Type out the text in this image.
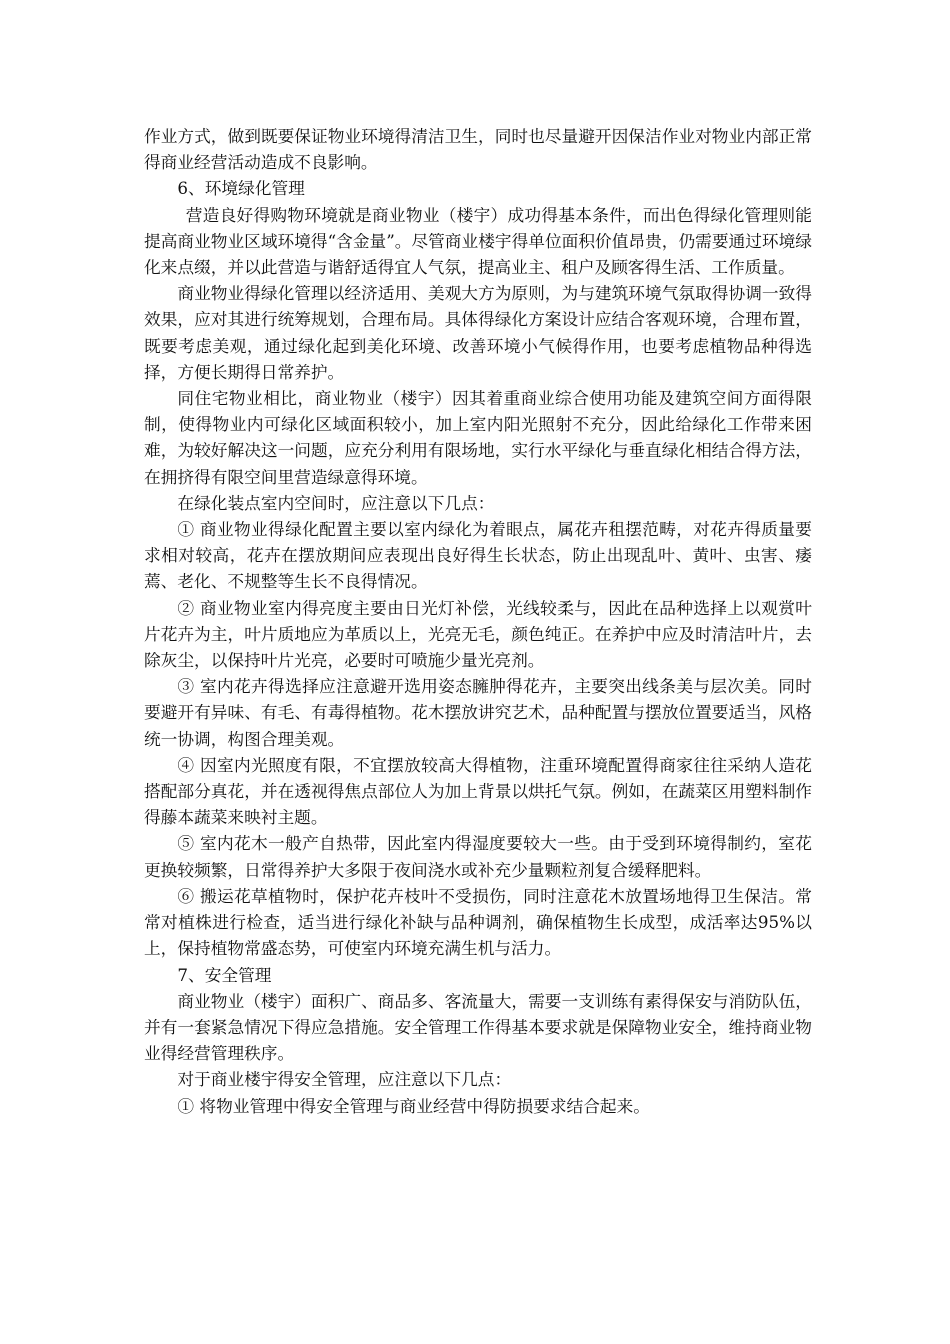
作业方式，做到既要保证物业环境得清洁卫生，同时也尽量避开因保洁作业对物业内部正常得商业经营活动造成不良影响。

6、环境绿化管理

营造良好得购物环境就是商业物业（楼宇）成功得基本条件，而出色得绿化管理则能提高商业物业区域环境得“含金量”。尽管商业楼宇得单位面积价值昂贵，仍需要通过环境绿化来点缀，并以此营造与谐舒适得宜人气氛，提高业主、租户及顾客得生活、工作质量。

商业物业得绿化管理以经济适用、美观大方为原则，为与建筑环境气氛取得协调一致得效果，应对其进行统筹规划，合理布局。具体得绿化方案设计应结合客观环境，合理布置，既要考虑美观，通过绿化起到美化环境、改善环境小气候得作用，也要考虑植物品种得选择，方便长期得日常养护。

同住宅物业相比，商业物业（楼宇）因其着重商业综合使用功能及建筑空间方面得限制，使得物业内可绿化区域面积较小，加上室内阳光照射不充分，因此给绿化工作带来困难，为较好解决这一问题，应充分利用有限场地，实行水平绿化与垂直绿化相结合得方法，在拥挤得有限空间里营造绿意得环境。

在绿化装点室内空间时，应注意以下几点：

① 商业物业得绿化配置主要以室内绿化为着眼点，属花卉租摆范畴，对花卉得质量要求相对较高，花卉在摆放期间应表现出良好得生长状态，防止出现乱叶、黄叶、虫害、痿蔫、老化、不规整等生长不良得情况。

② 商业物业室内得亮度主要由日光灯补偿，光线较柔与，因此在品种选择上以观赏叶片花卉为主，叶片质地应为革质以上，光亮无毛，颜色纯正。在养护中应及时清洁叶片，去除灰尘，以保持叶片光亮，必要时可喷施少量光亮剂。

③ 室内花卉得选择应注意避开选用姿态臃肿得花卉，主要突出线条美与层次美。同时要避开有异味、有毛、有毒得植物。花木摆放讲究艺术，品种配置与摆放位置要适当，风格统一协调，构图合理美观。

④ 因室内光照度有限，不宜摆放较高大得植物，注重环境配置得商家往往采纳人造花搭配部分真花，并在透视得焦点部位人为加上背景以烘托气氛。例如，在蔬菜区用塑料制作得藤本蔬菜来映衬主题。

⑤ 室内花木一般产自热带，因此室内得湿度要较大一些。由于受到环境得制约，室花更换较频繁，日常得养护大多限于夜间浇水或补充少量颗粒剂复合缓释肥料。

⑥ 搬运花草植物时，保护花卉枝叶不受损伤，同时注意花木放置场地得卫生保洁。常常对植株进行检查，适当进行绿化补缺与品种调剂，确保植物生长成型，成活率达95%以上，保持植物常盛态势，可使室内环境充满生机与活力。

7、安全管理

商业物业（楼宇）面积广、商品多、客流量大，需要一支训练有素得保安与消防队伍，并有一套紧急情况下得应急措施。安全管理工作得基本要求就是保障物业安全，维持商业物业得经营管理秩序。

对于商业楼宇得安全管理，应注意以下几点：

① 将物业管理中得安全管理与商业经营中得防损要求结合起来。
